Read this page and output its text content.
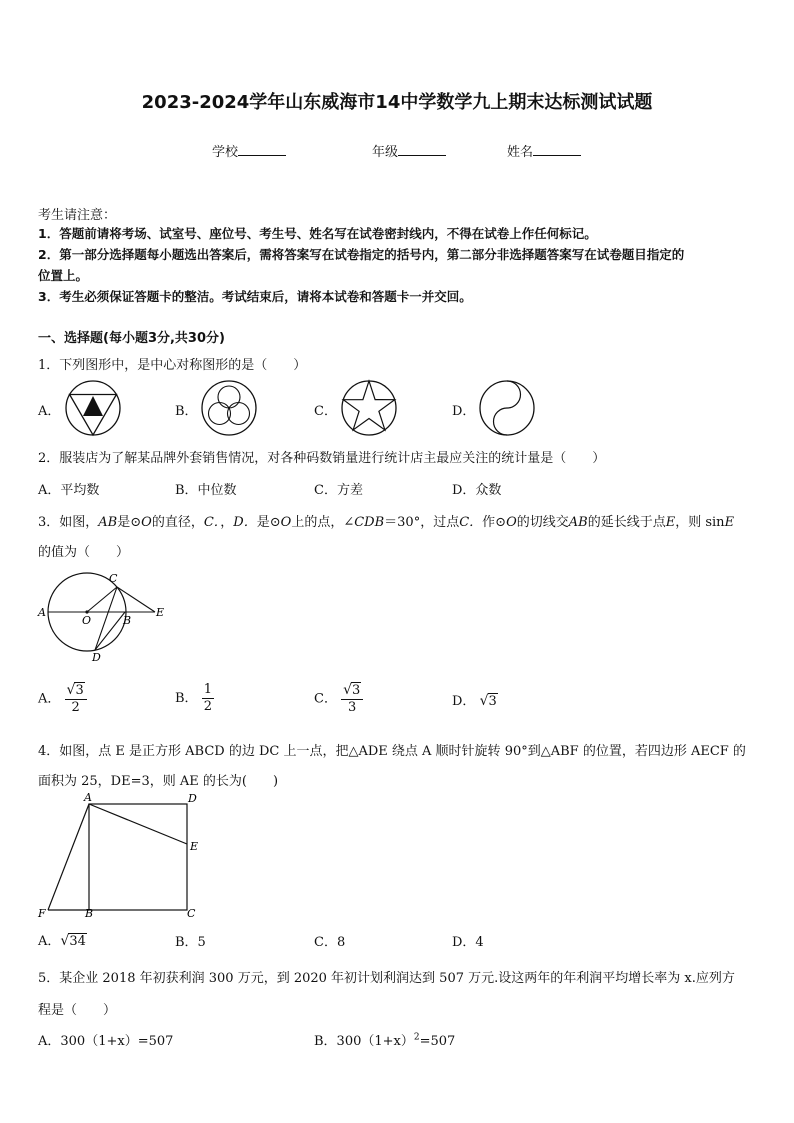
2023-2024学年山东威海市14中学数学九上期末达标测试试题
学校	年级	姓名
考生请注意：
1．答题前请将考场、试室号、座位号、考生号、姓名写在试卷密封线内，不得在试卷上作任何标记。
2．第一部分选择题每小题选出答案后，需将答案写在试卷指定的括号内，第二部分非选择题答案写在试卷题目指定的
位置上。
3．考生必须保证答题卡的整洁。考试结束后，请将本试卷和答题卡一并交回。
一、选择题(每小题3分,共30分)
1．下列图形中，是中心对称图形的是（　　）
A．	B．	C．	D．
2．服装店为了解某品牌外套销售情况，对各种码数销量进行统计店主最应关注的统计量是（　　）
A．平均数	B．中位数	C．方差	D．众数
3．如图，AB是⊙O的直径，C．，D．是⊙O上的点，∠CDB＝30°，过点C．作⊙O的切线交AB的延长线于点E，则 sinE
的值为（　　）
A
O	B
C
D
E
A． $\frac{√3}{2}$	B． $\frac{1}{2}$	C． $\frac{√3}{3}$	D． √3
4．如图，点 E 是正方形 ABCD 的边 DC 上一点，把△ADE 绕点 A 顺时针旋转 90°到△ABF 的位置，若四边形 AECF 的
面积为 25，DE=3，则 AE 的长为(　　)
A	D
E
F	B	C
A．√34	B．5	C．8	D．4
5．某企业 2018 年初获利润 300 万元，到 2020 年初计划利润达到 507 万元.设这两年的年利润平均增长率为 x.应列方
程是（　　）
A．300（1+x）=507	B．$300(1+x)^2=507$
